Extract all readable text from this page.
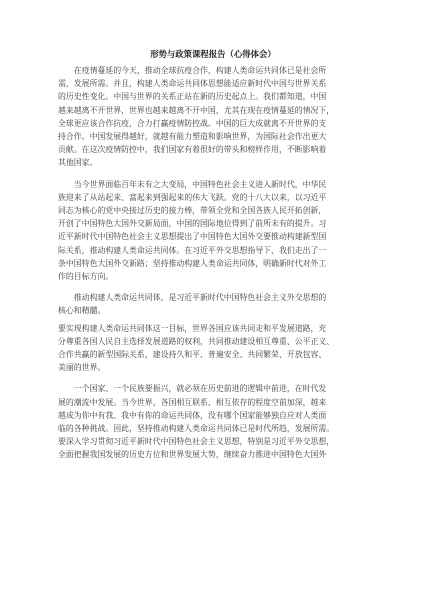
形势与政策课程报告（心得体会）
　　在疫情蔓延的今天，推动全球抗疫合作，构建人类命运共同体已是社会所
需，发展所需。并且，构建人类命运共同体思想能适应新时代中国与世界关系
的历史性变化。中国与世界的关系正站在新的历史起点上。我们都知道，中国
越来越离不开世界，世界也越来越离不开中国，尤其在现在疫情蔓延的情况下，
全球更应该合作抗疫，合力打赢疫情防控战。中国的巨大成就离不开世界的支
持合作。中国发展得越好，就越有能力塑造和影响世界，为国际社会作出更大
贡献。在这次疫情防控中，我们国家有着很好的带头和榜样作用，不断影响着
其他国家。
　　当今世界面临百年未有之大变局，中国特色社会主义进入新时代，中华民
族迎来了从站起来、富起来到强起来的伟大飞跃。党的十八大以来，以习近平
同志为核心的党中央接过历史的接力棒，带领全党和全国各族人民开拓创新，
开创了中国特色大国外交新局面，中国的国际地位得到了前所未有的提升。习
近平新时代中国特色社会主义思想提出了中国特色大国外交要推动构建新型国
际关系，推动构建人类命运共同体。在习近平外交思想指导下，我们走出了一
条中国特色大国外交新路；坚持推动构建人类命运共同体，明确新时代对外工
作的目标方向。
　　推动构建人类命运共同体，是习近平新时代中国特色社会主义外交思想的
核心和精髓。
要实现构建人类命运共同体这一目标，世界各国应该共同走和平发展道路，充
分尊重各国人民自主选择发展道路的权利，共同推动建设相互尊重、公平正义、
合作共赢的新型国际关系，建设持久和平、普遍安全、共同繁荣、开放包容、
美丽的世界。
　　一个国家、一个民族要振兴，就必须在历史前进的逻辑中前进，在时代发
展的潮流中发展。当今世界，各国相互联系、相互依存的程度空前加深，越来
越成为你中有我、我中有你的命运共同体，没有哪个国家能够独自应对人类面
临的各种挑战。因此，坚持推动构建人类命运共同体已是时代所趋，发展所需。
要深入学习贯彻习近平新时代中国特色社会主义思想，特别是习近平外交思想，
全面把握我国发展的历史方位和世界发展大势，继续奋力推进中国特色大国外
